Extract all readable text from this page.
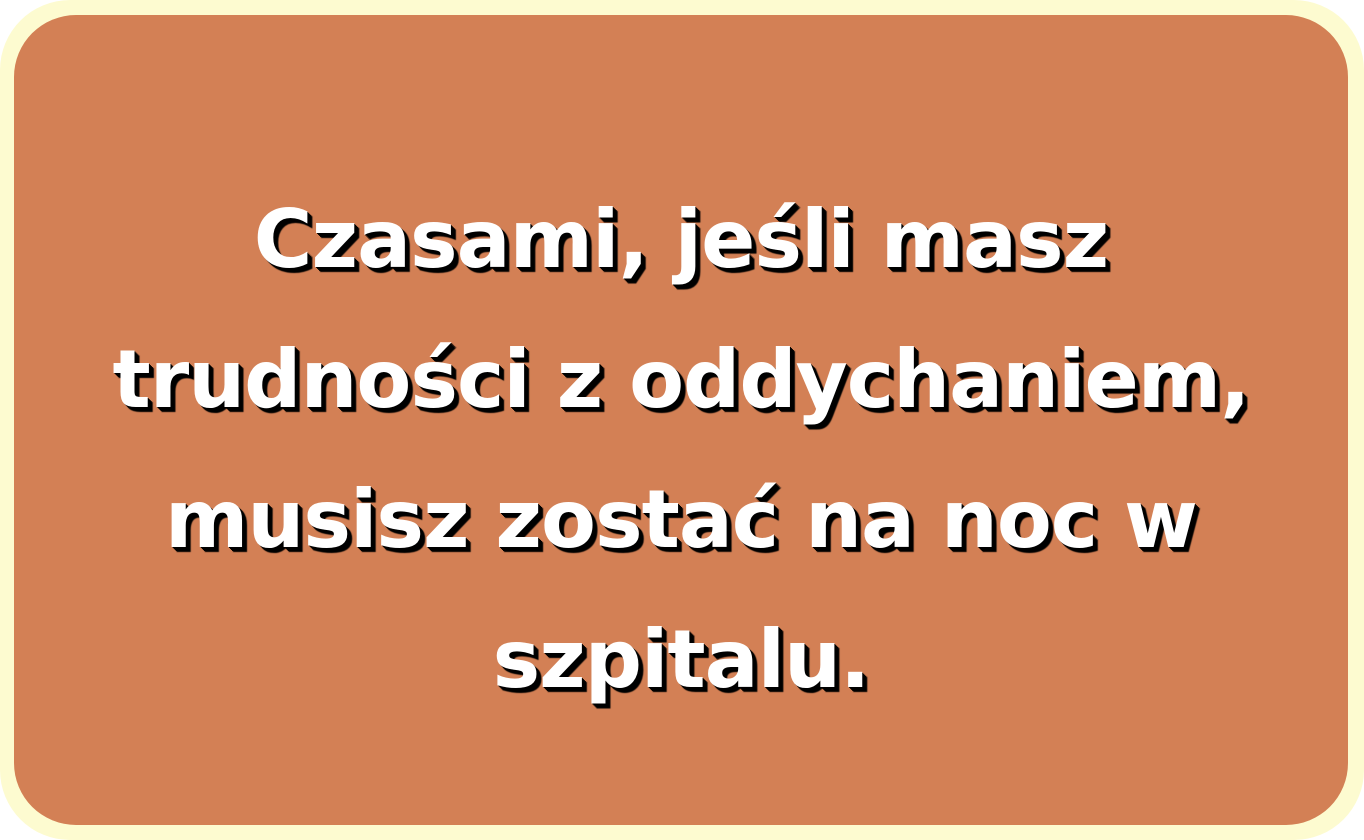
Czasami, jeśli masz trudności z oddychaniem, musisz zostać na noc w szpitalu.
